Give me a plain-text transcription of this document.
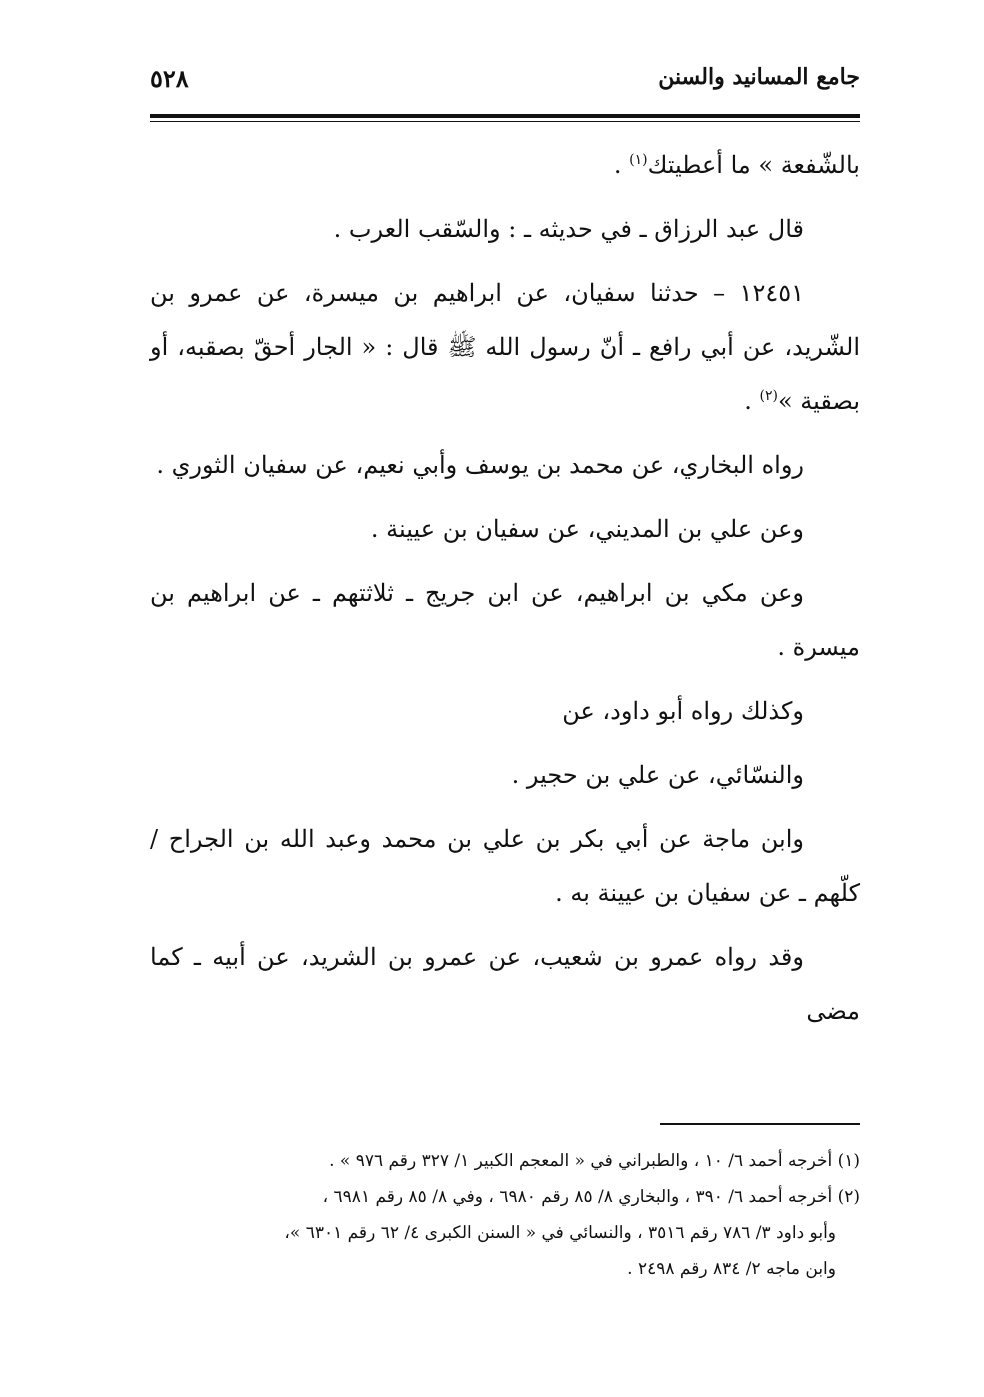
جامع المسانيد والسنن
٥٢٨

بالشّفعة » ما أعطيتك$^{(١)}$ .

قال عبد الرزاق ـ في حديثه ـ : والسّقب العرب .

١٢٤٥١ – حدثنا سفيان، عن ابراهيم بن ميسرة، عن عمرو بن الشّريد، عن أبي رافع ـ أنّ رسول الله ﷺ قال : « الجار أحقّ بصقبه، أو بصقية »$^{(٢)}$ .

رواه البخاري، عن محمد بن يوسف وأبي نعيم، عن سفيان الثوري .

وعن علي بن المديني، عن سفيان بن عيينة .

وعن مكي بن ابراهيم، عن ابن جريج ـ ثلاثتهم ـ عن ابراهيم بن ميسرة .

وكذلك رواه أبو داود، عن

والنسّائي، عن علي بن حجير .

وابن ماجة عن أبي بكر بن علي بن محمد وعبد الله بن الجراح / كلّهم ـ عن سفيان بن عيينة به .

وقد رواه عمرو بن شعيب، عن عمرو بن الشريد، عن أبيه ـ كما مضى

(١) أخرجه أحمد ٦/ ١٠ ، والطبراني في « المعجم الكبير ١/ ٣٢٧ رقم ٩٧٦ » .

(٢) أخرجه أحمد ٦/ ٣٩٠ ، والبخاري ٨/ ٨٥ رقم ٦٩٨٠ ، وفي ٨/ ٨٥ رقم ٦٩٨١ ،

وأبو داود ٣/ ٧٨٦ رقم ٣٥١٦ ، والنسائي في « السنن الكبرى ٤/ ٦٢ رقم ٦٣٠١ »،

وابن ماجه ٢/ ٨٣٤ رقم ٢٤٩٨ .
